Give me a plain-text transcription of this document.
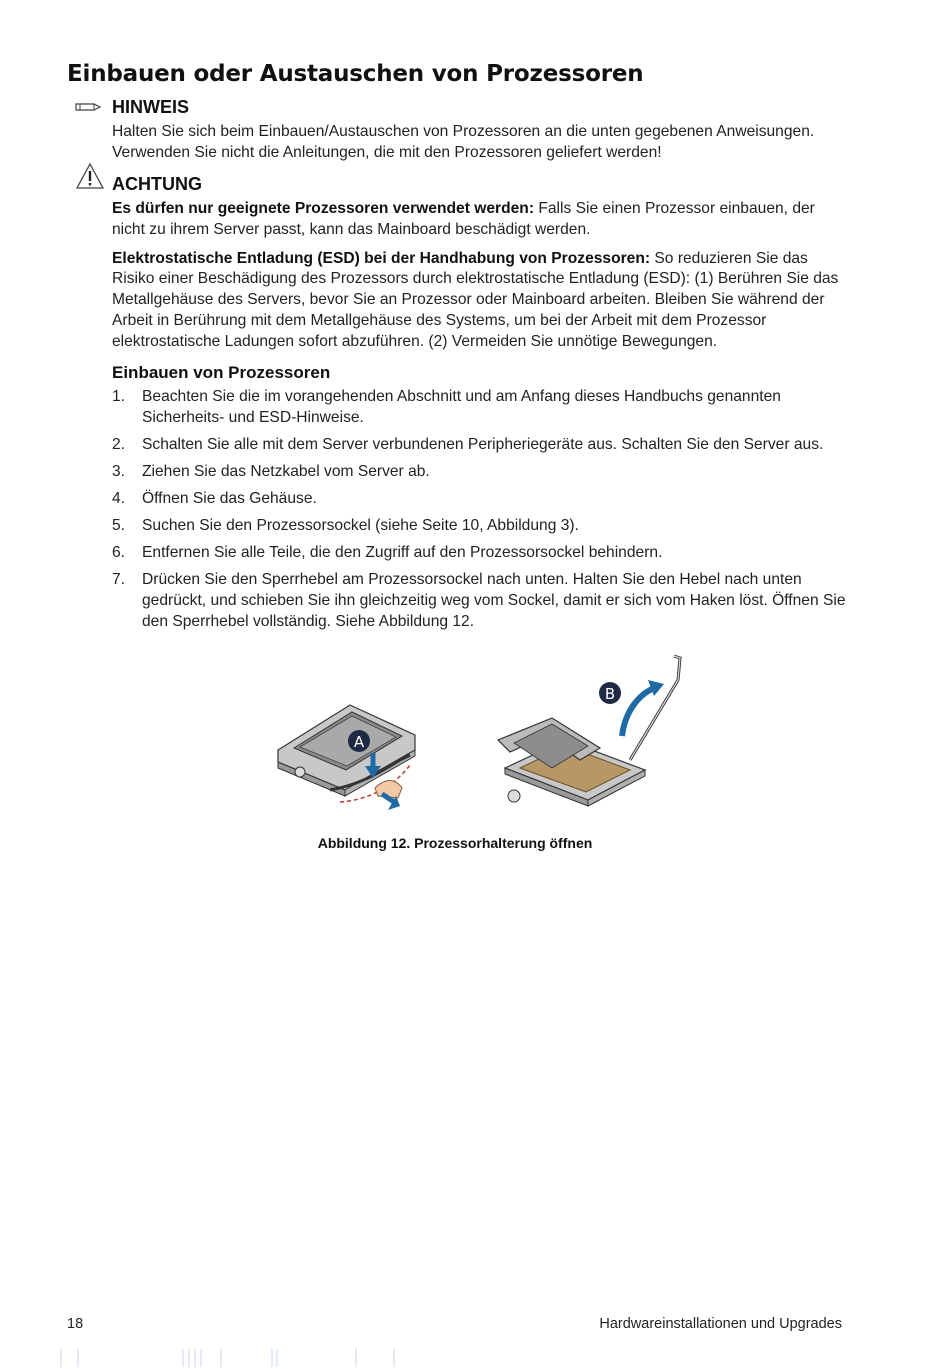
Einbauen oder Austauschen von Prozessoren
HINWEIS

Halten Sie sich beim Einbauen/Austauschen von Prozessoren an die unten gegebenen Anweisungen. Verwenden Sie nicht die Anleitungen, die mit den Prozessoren geliefert werden!

ACHTUNG

Es dürfen nur geeignete Prozessoren verwendet werden: Falls Sie einen Prozessor einbauen, der nicht zu ihrem Server passt, kann das Mainboard beschädigt werden.

Elektrostatische Entladung (ESD) bei der Handhabung von Prozessoren: So reduzieren Sie das Risiko einer Beschädigung des Prozessors durch elektrostatische Entladung (ESD): (1) Berühren Sie das Metallgehäuse des Servers, bevor Sie an Prozessor oder Mainboard arbeiten. Bleiben Sie während der Arbeit in Berührung mit dem Metallgehäuse des Systems, um bei der Arbeit mit dem Prozessor elektrostatische Ladungen sofort abzuführen. (2) Vermeiden Sie unnötige Bewegungen.

Einbauen von Prozessoren
1. Beachten Sie die im vorangehenden Abschnitt und am Anfang dieses Handbuchs genannten Sicherheits- und ESD-Hinweise.
2. Schalten Sie alle mit dem Server verbundenen Peripheriegeräte aus. Schalten Sie den Server aus.
3. Ziehen Sie das Netzkabel vom Server ab.
4. Öffnen Sie das Gehäuse.
5. Suchen Sie den Prozessorsockel (siehe Seite 10, Abbildung 3).
6. Entfernen Sie alle Teile, die den Zugriff auf den Prozessorsockel behindern.
7. Drücken Sie den Sperrhebel am Prozessorsockel nach unten. Halten Sie den Hebel nach unten gedrückt, und schieben Sie ihn gleichzeitig weg vom Sockel, damit er sich vom Haken löst. Öffnen Sie den Sperrhebel vollständig. Siehe Abbildung 12.
A
B
Abbildung 12. Prozessorhalterung öffnen
18	Hardwareinstallationen und Upgrades
